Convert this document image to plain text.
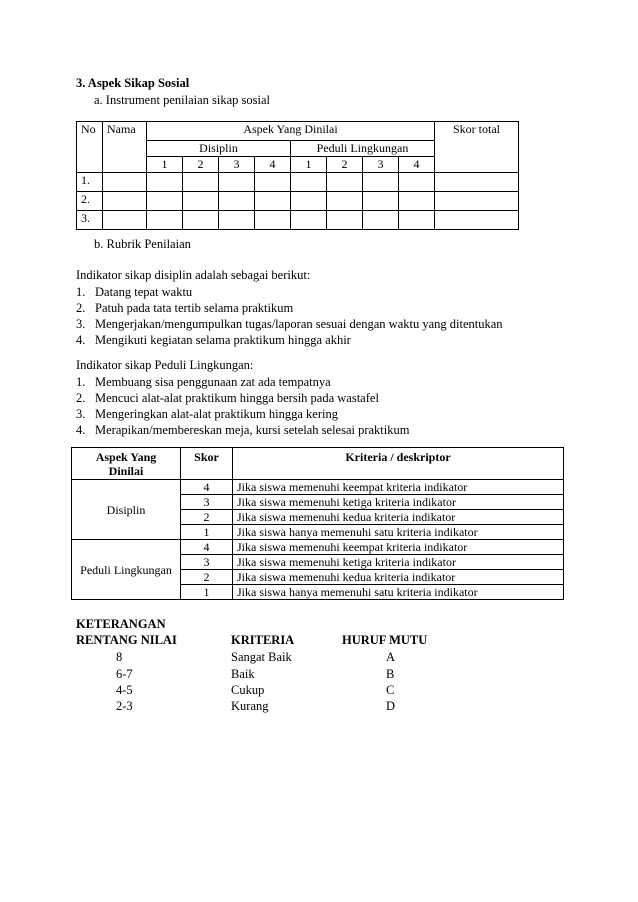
3. Aspek Sikap Sosial
a. Instrument penilaian sikap sosial
No	Nama	Aspek Yang Dinilai								Skor total
		Disiplin				Peduli Lingkungan				
		1	2	3	4	1	2	3	4	
1.										
2.										
3.										
b. Rubrik Penilaian
Indikator sikap disiplin adalah sebagai berikut:
1. Datang tepat waktu
2. Patuh pada tata tertib selama praktikum
3. Mengerjakan/mengumpulkan tugas/laporan sesuai dengan waktu yang ditentukan
4. Mengikuti kegiatan selama praktikum hingga akhir
Indikator sikap Peduli Lingkungan:
1. Membuang sisa penggunaan zat ada tempatnya
2. Mencuci alat-alat praktikum hingga bersih pada wastafel
3. Mengeringkan alat-alat praktikum hingga kering
4. Merapikan/membereskan meja, kursi setelah selesai praktikum
Aspek Yang Dinilai	Skor	Kriteria / deskriptor
Disiplin	4	Jika siswa memenuhi keempat kriteria indikator
	3	Jika siswa memenuhi ketiga kriteria indikator
	2	Jika siswa memenuhi kedua kriteria indikator
	1	Jika siswa hanya memenuhi satu kriteria indikator
Peduli Lingkungan	4	Jika siswa memenuhi keempat kriteria indikator
	3	Jika siswa memenuhi ketiga kriteria indikator
	2	Jika siswa memenuhi kedua kriteria indikator
	1	Jika siswa hanya memenuhi satu kriteria indikator
KETERANGAN
RENTANG NILAI	KRITERIA	HURUF MUTU
8	Sangat Baik	A
6-7	Baik	B
4-5	Cukup	C
2-3	Kurang	D
